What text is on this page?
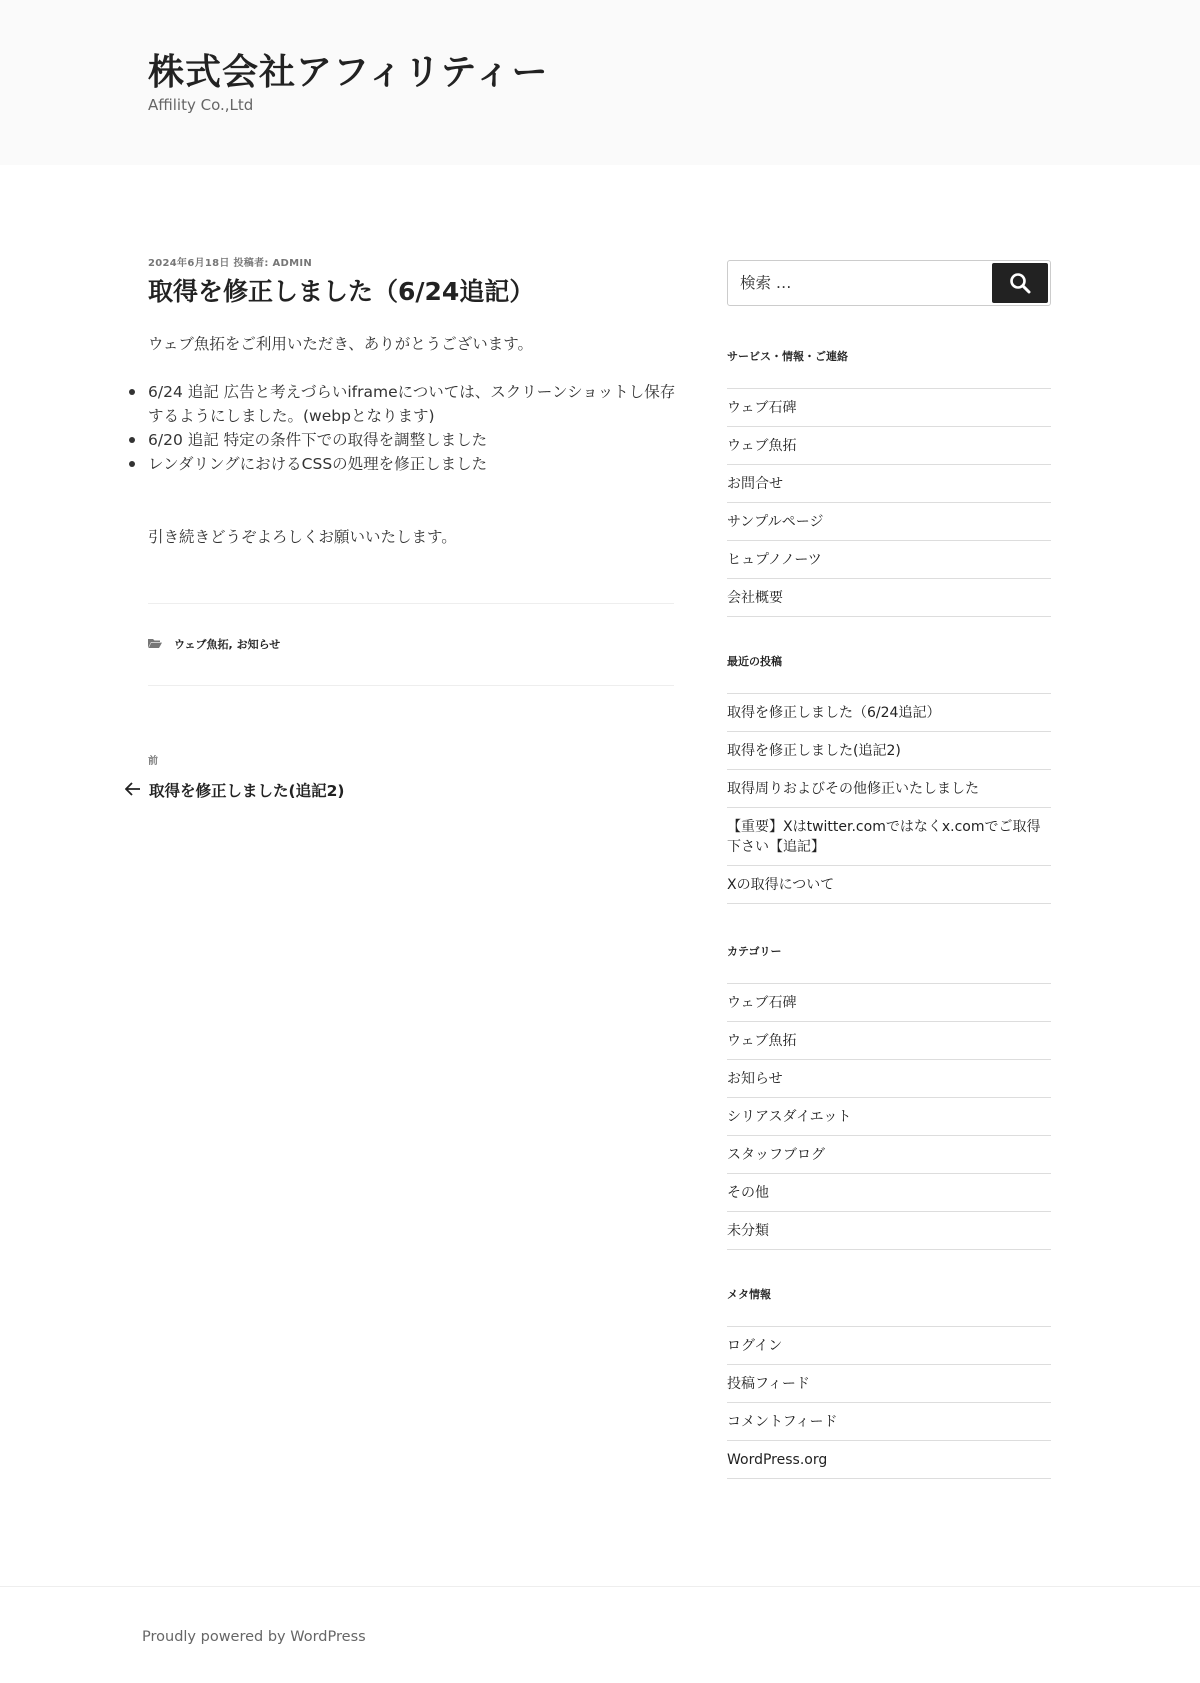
株式会社アフィリティー

Affility Co.,Ltd

2024年6月18日 投稿者: ADMIN
取得を修正しました（6/24追記）

ウェブ魚拓をご利用いただき、ありがとうございます。

6/24 追記 広告と考えづらいiframeについては、スクリーンショットし保存するようにしました。(webpとなります)
6/20 追記 特定の条件下での取得を調整しました
レンダリングにおけるCSSの処理を修正しました

引き続きどうぞよろしくお願いいたします。

ウェブ魚拓, お知らせ
前
取得を修正しました(追記2)
検索 …
サービス・情報・ご連絡
ウェブ石碑
ウェブ魚拓
お問合せ
サンプルページ
ヒュプノノーツ
会社概要
最近の投稿
取得を修正しました（6/24追記）
取得を修正しました(追記2)
取得周りおよびその他修正いたしました
【重要】Xはtwitter.comではなくx.comでご取得下さい【追記】
Xの取得について
カテゴリー
ウェブ石碑
ウェブ魚拓
お知らせ
シリアスダイエット
スタッフブログ
その他
未分類
メタ情報
ログイン
投稿フィード
コメントフィード
WordPress.org
Proudly powered by WordPress
